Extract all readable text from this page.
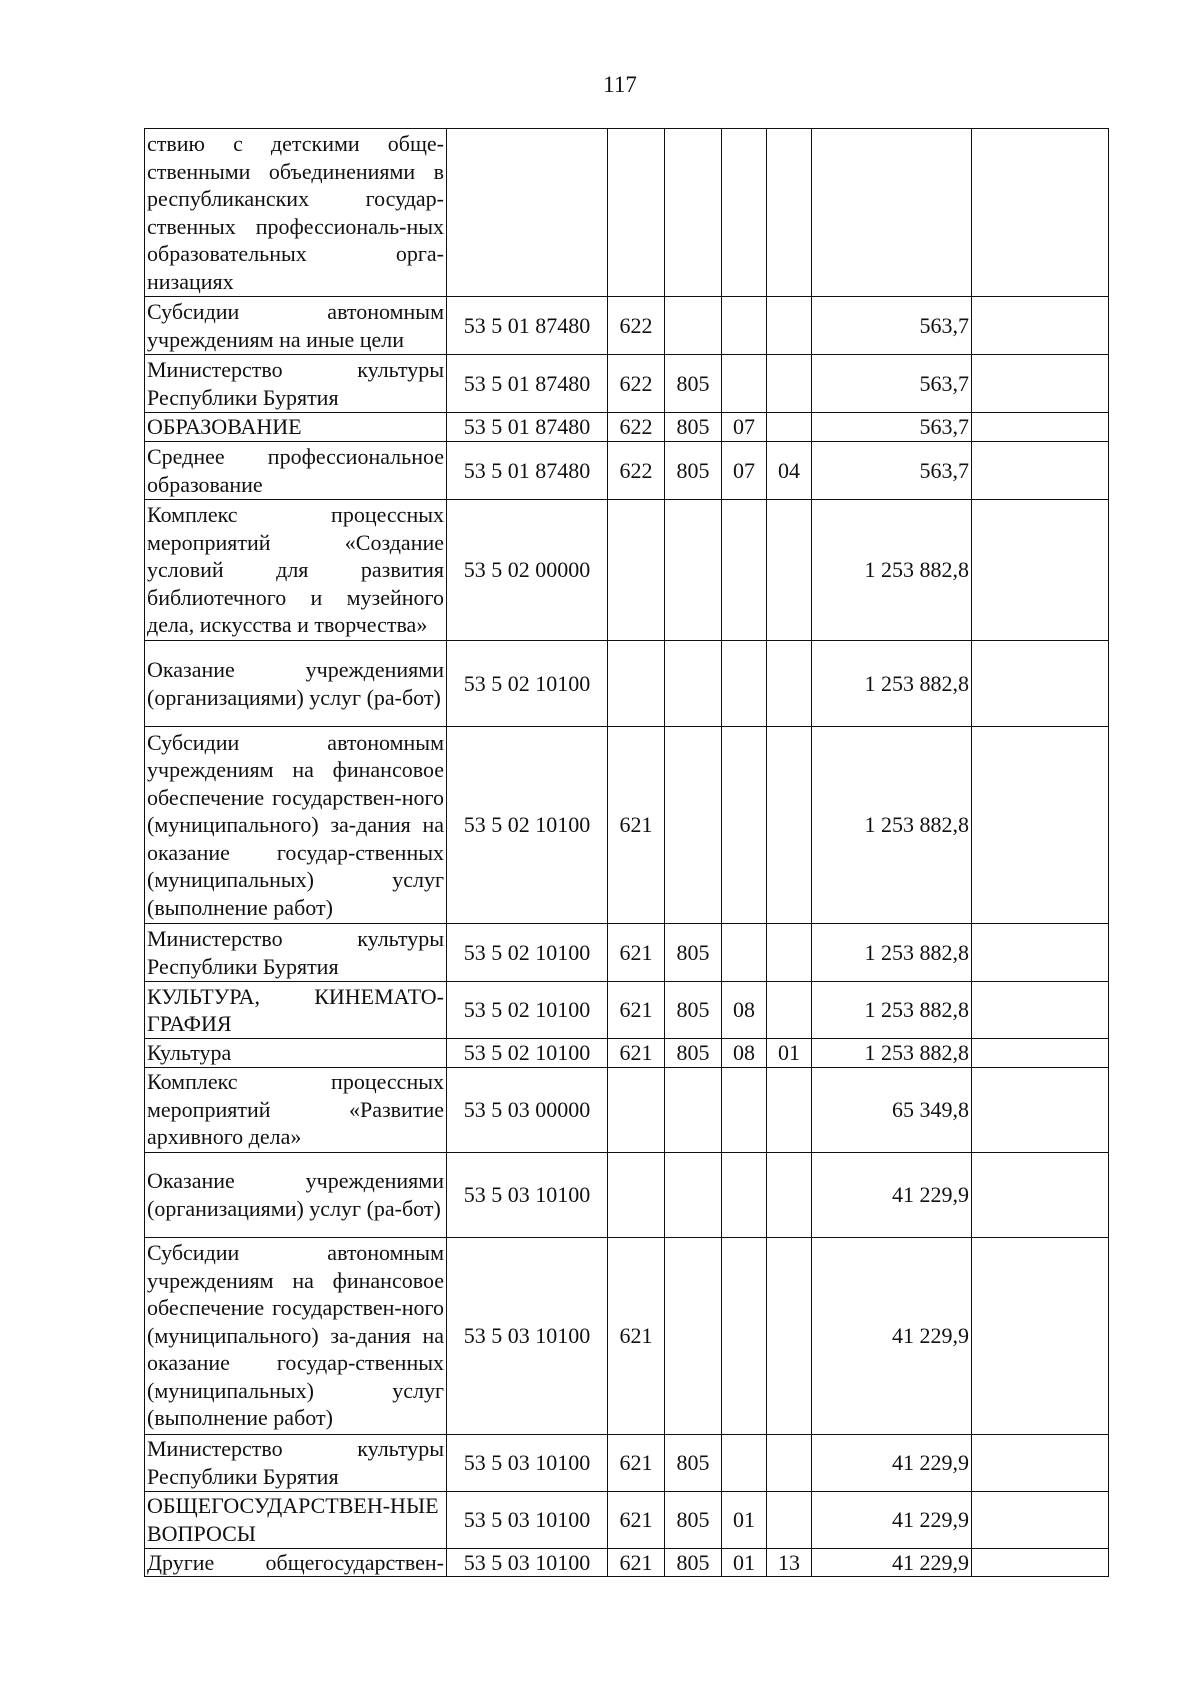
117
ствию с детскими обще-ственными объединениями в республиканских государ-ственных профессиональ-ных образовательных орга-низациях							
Субсидии автономным учреждениям на иные цели	53 5 01 87480	622				563,7	
Министерство культуры Республики Бурятия	53 5 01 87480	622	805			563,7	
ОБРАЗОВАНИЕ	53 5 01 87480	622	805	07		563,7	
Среднее профессиональное образование	53 5 01 87480	622	805	07	04	563,7	
Комплекс процессных мероприятий «Создание условий для развития библиотечного и музейного дела, искусства и творчества»	53 5 02 00000					1 253 882,8	
Оказание учреждениями (организациями) услуг (ра-бот)	53 5 02 10100					1 253 882,8	
Субсидии автономным учреждениям на финансовое обеспечение государствен-ного (муниципального) за-дания на оказание государ-ственных (муниципальных) услуг (выполнение работ)	53 5 02 10100	621				1 253 882,8	
Министерство культуры Республики Бурятия	53 5 02 10100	621	805			1 253 882,8	
КУЛЬТУРА, КИНЕМАТО-ГРАФИЯ	53 5 02 10100	621	805	08		1 253 882,8	
Культура	53 5 02 10100	621	805	08	01	1 253 882,8	
Комплекс процессных мероприятий «Развитие архивного дела»	53 5 03 00000					65 349,8	
Оказание учреждениями (организациями) услуг (ра-бот)	53 5 03 10100					41 229,9	
Субсидии автономным учреждениям на финансовое обеспечение государствен-ного (муниципального) за-дания на оказание государ-ственных (муниципальных) услуг (выполнение работ)	53 5 03 10100	621				41 229,9	
Министерство культуры Республики Бурятия	53 5 03 10100	621	805			41 229,9	
ОБЩЕГОСУДАРСТВЕН-НЫЕ ВОПРОСЫ	53 5 03 10100	621	805	01		41 229,9	
Другие общегосударствен-	53 5 03 10100	621	805	01	13	41 229,9	
